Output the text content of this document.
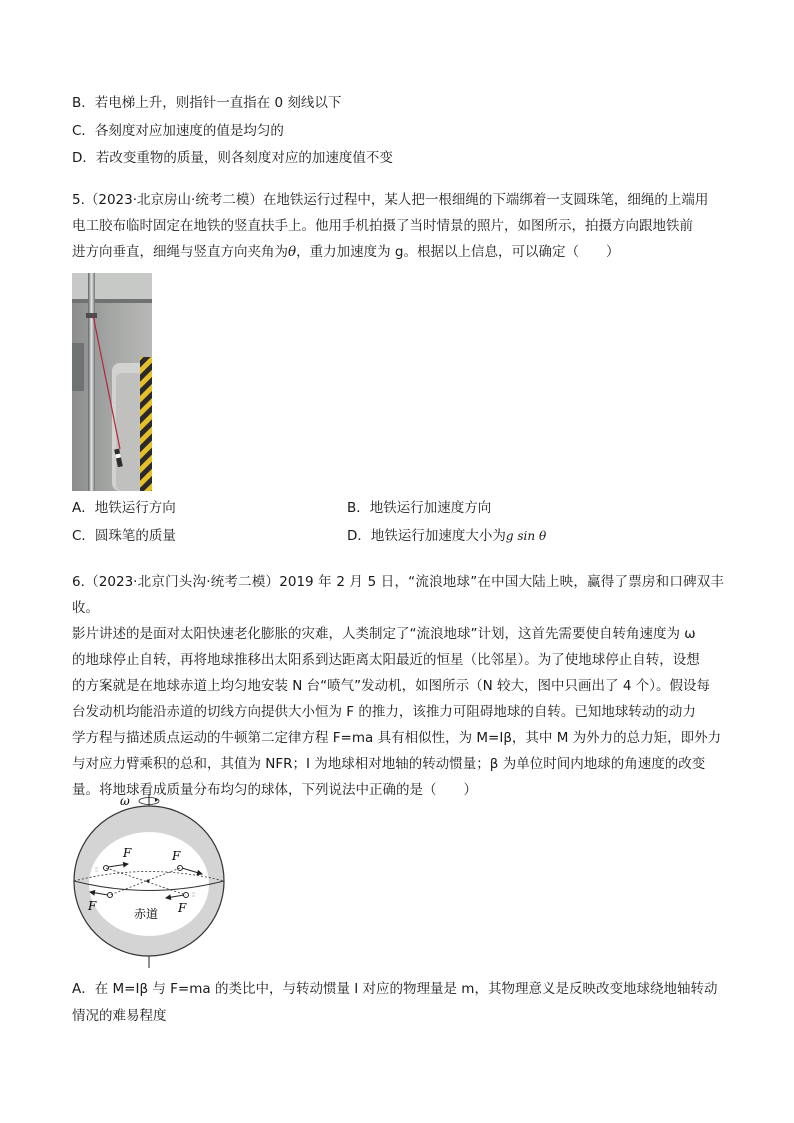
B．若电梯上升，则指针一直指在 0 刻线以下
C．各刻度对应加速度的值是均匀的
D．若改变重物的质量，则各刻度对应的加速度值不变

5.（2023·北京房山·统考二模）在地铁运行过程中，某人把一根细绳的下端绑着一支圆珠笔，细绳的上端用

电工胶布临时固定在地铁的竖直扶手上。他用手机拍摄了当时情景的照片，如图所示，拍摄方向跟地铁前

进方向垂直，细绳与竖直方向夹角为θ，重力加速度为 g。根据以上信息，可以确定（　　）

A．地铁运行方向	B．地铁运行加速度方向
C．圆珠笔的质量	D．地铁运行加速度大小为g sin θ

6.（2023·北京门头沟·统考二模）2019 年 2 月 5 日，“流浪地球”在中国大陆上映，赢得了票房和口碑双丰收。

影片讲述的是面对太阳快速老化膨胀的灾难，人类制定了“流浪地球”计划，这首先需要使自转角速度为 ω

的地球停止自转，再将地球推移出太阳系到达距离太阳最近的恒星（比邻星）。为了使地球停止自转，设想

的方案就是在地球赤道上均匀地安装 N 台“喷气”发动机，如图所示（N 较大，图中只画出了 4 个）。假设每

台发动机均能沿赤道的切线方向提供大小恒为 F 的推力，该推力可阻碍地球的自转。已知地球转动的动力

学方程与描述质点运动的牛顿第二定律方程 F=ma 具有相似性，为 M=Iβ，其中 M 为外力的总力矩，即外力

与对应力臂乘积的总和，其值为 NFR；I 为地球相对地轴的转动惯量；β 为单位时间内地球的角速度的改变

量。将地球看成质量分布均匀的球体，下列说法中正确的是（　　）

ω
F	F
F	F
赤道
A．在 M=Iβ 与 F=ma 的类比中，与转动惯量 I 对应的物理量是 m，其物理意义是反映改变地球绕地轴转动
情况的难易程度
